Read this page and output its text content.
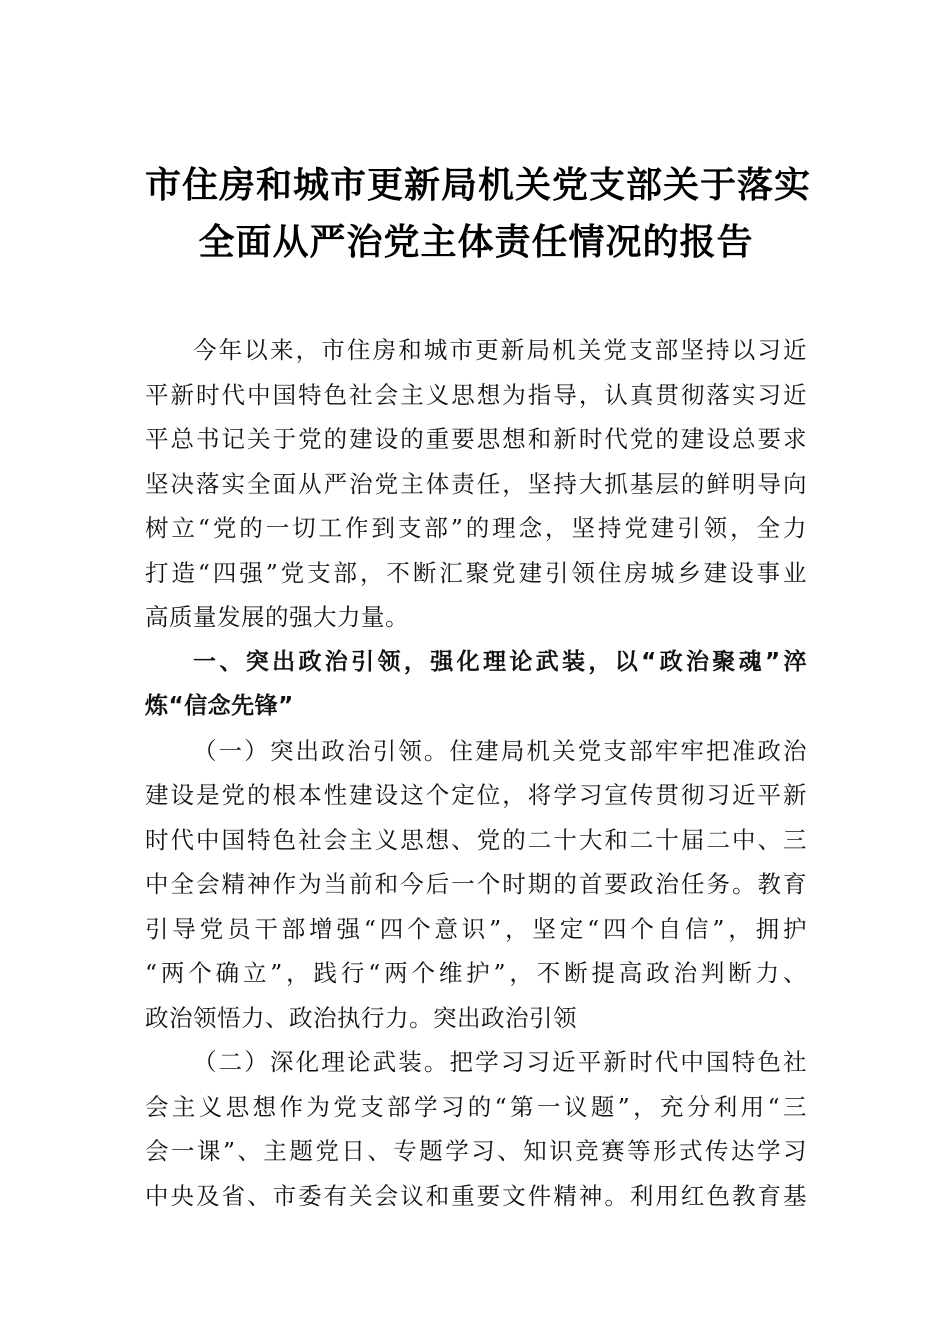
市住房和城市更新局机关党支部关于落实
全面从严治党主体责任情况的报告

今年以来，市住房和城市更新局机关党支部坚持以习近
平新时代中国特色社会主义思想为指导，认真贯彻落实习近
平总书记关于党的建设的重要思想和新时代党的建设总要求
坚决落实全面从严治党主体责任，坚持大抓基层的鲜明导向
树立“党的一切工作到支部”的理念，坚持党建引领，全力
打造“四强”党支部，不断汇聚党建引领住房城乡建设事业
高质量发展的强大力量。

一、突出政治引领，强化理论武装，以“政治聚魂”淬
炼“信念先锋”

（一）突出政治引领。住建局机关党支部牢牢把准政治
建设是党的根本性建设这个定位，将学习宣传贯彻习近平新
时代中国特色社会主义思想、党的二十大和二十届二中、三
中全会精神作为当前和今后一个时期的首要政治任务。教育
引导党员干部增强“四个意识”，坚定“四个自信”，拥护
“两个确立”，践行“两个维护”，不断提高政治判断力、
政治领悟力、政治执行力。突出政治引领

（二）深化理论武装。把学习习近平新时代中国特色社
会主义思想作为党支部学习的“第一议题”，充分利用“三
会一课”、主题党日、专题学习、知识竞赛等形式传达学习
中央及省、市委有关会议和重要文件精神。利用红色教育基
